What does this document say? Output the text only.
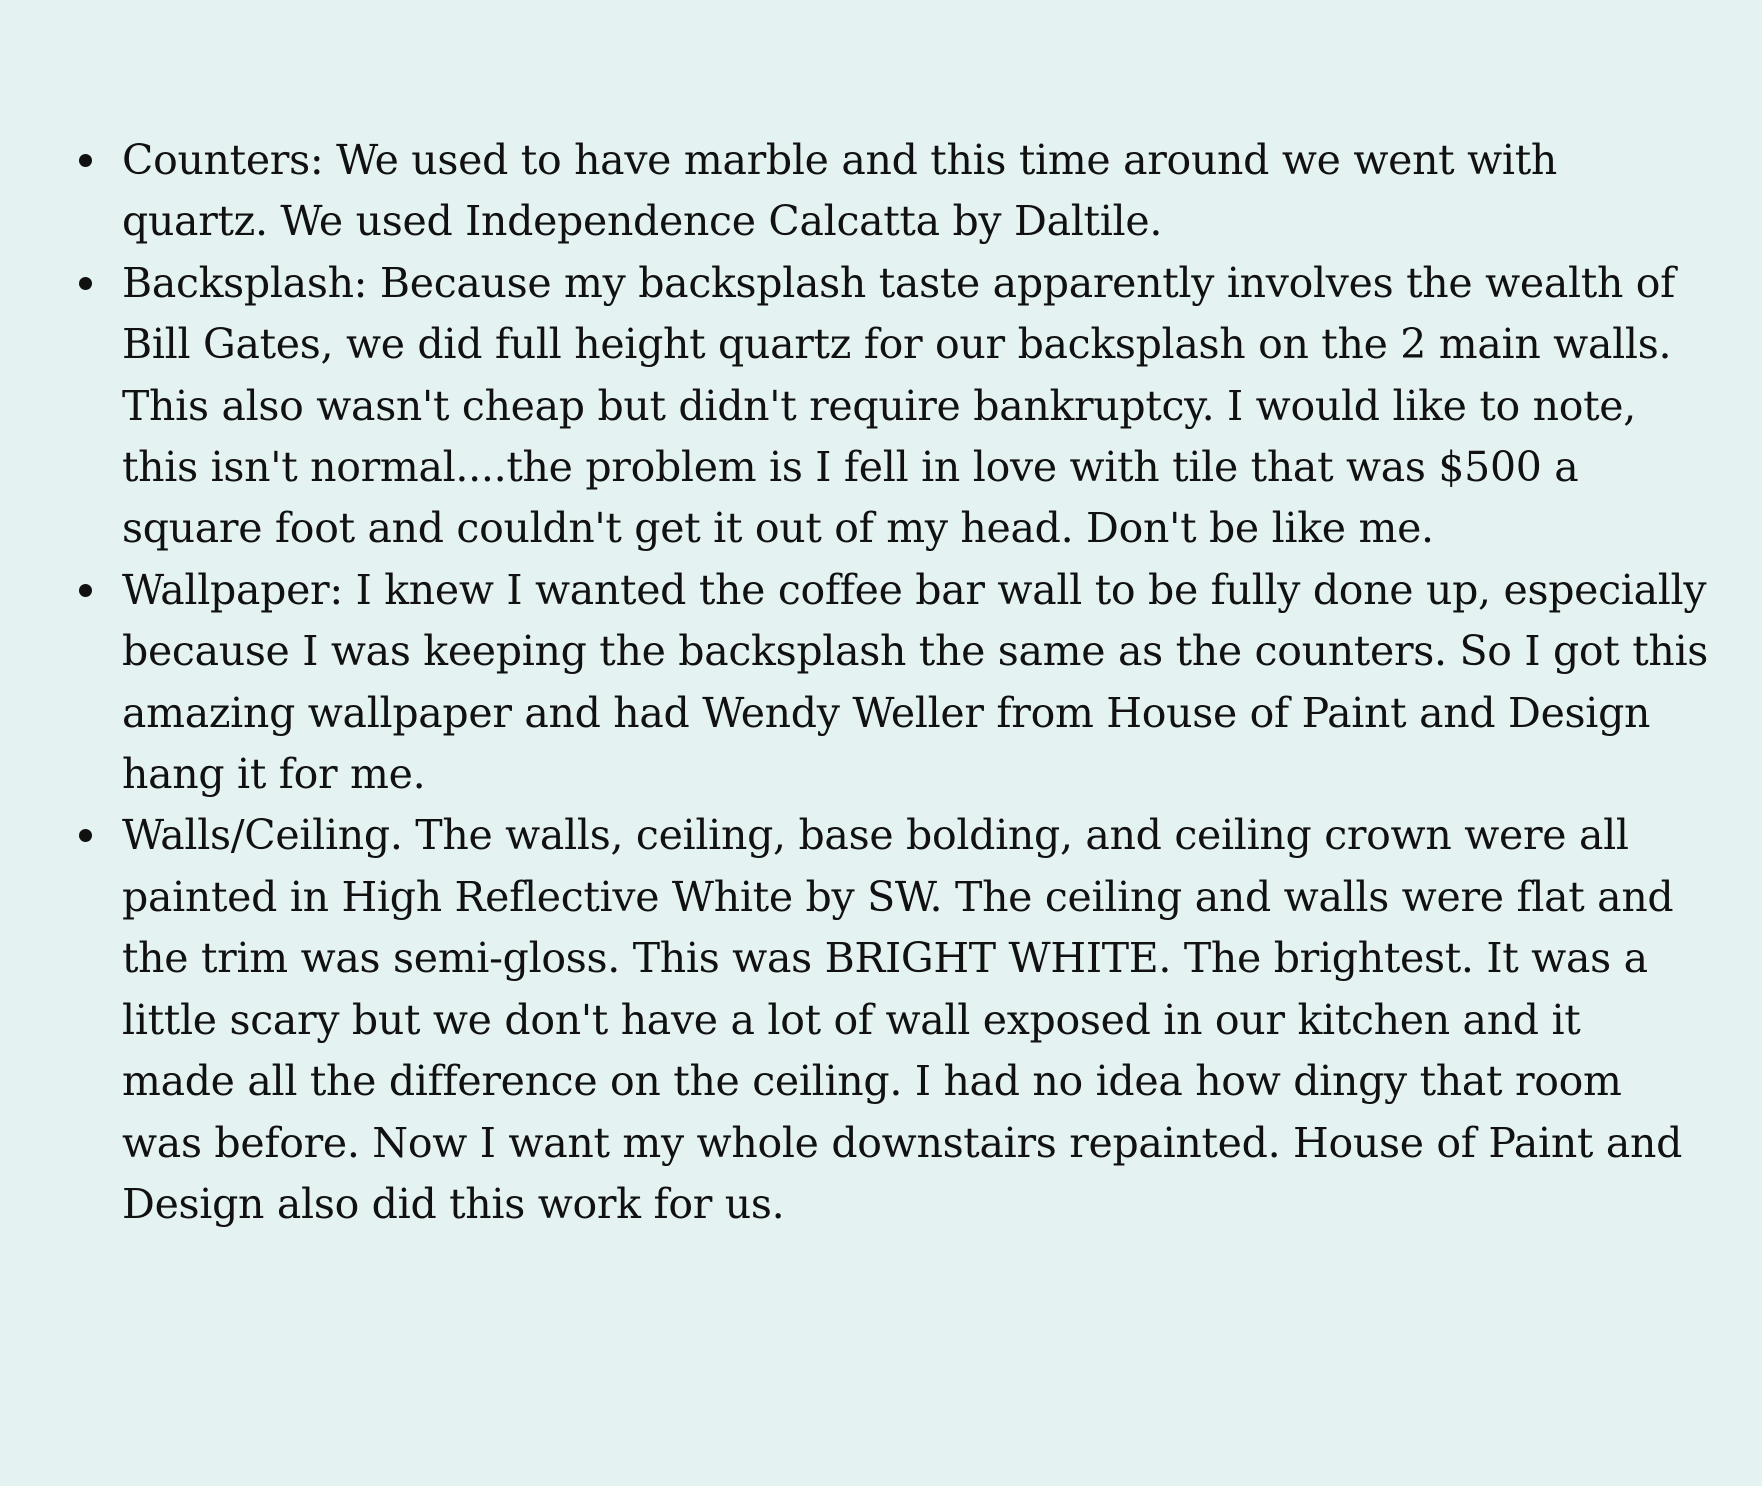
Counters: We used to have marble and this time around we went with
quartz. We used Independence Calcatta by Daltile.
Backsplash: Because my backsplash taste apparently involves the wealth of
Bill Gates, we did full height quartz for our backsplash on the 2 main walls.
This also wasn't cheap but didn't require bankruptcy. I would like to note,
this isn't normal....the problem is I fell in love with tile that was $500 a
square foot and couldn't get it out of my head. Don't be like me.
Wallpaper: I knew I wanted the coffee bar wall to be fully done up, especially
because I was keeping the backsplash the same as the counters. So I got this
amazing wallpaper and had Wendy Weller from House of Paint and Design
hang it for me.
Walls/Ceiling. The walls, ceiling, base bolding, and ceiling crown were all
painted in High Reflective White by SW. The ceiling and walls were flat and
the trim was semi-gloss. This was BRIGHT WHITE. The brightest. It was a
little scary but we don't have a lot of wall exposed in our kitchen and it
made all the difference on the ceiling. I had no idea how dingy that room
was before. Now I want my whole downstairs repainted. House of Paint and
Design also did this work for us.
